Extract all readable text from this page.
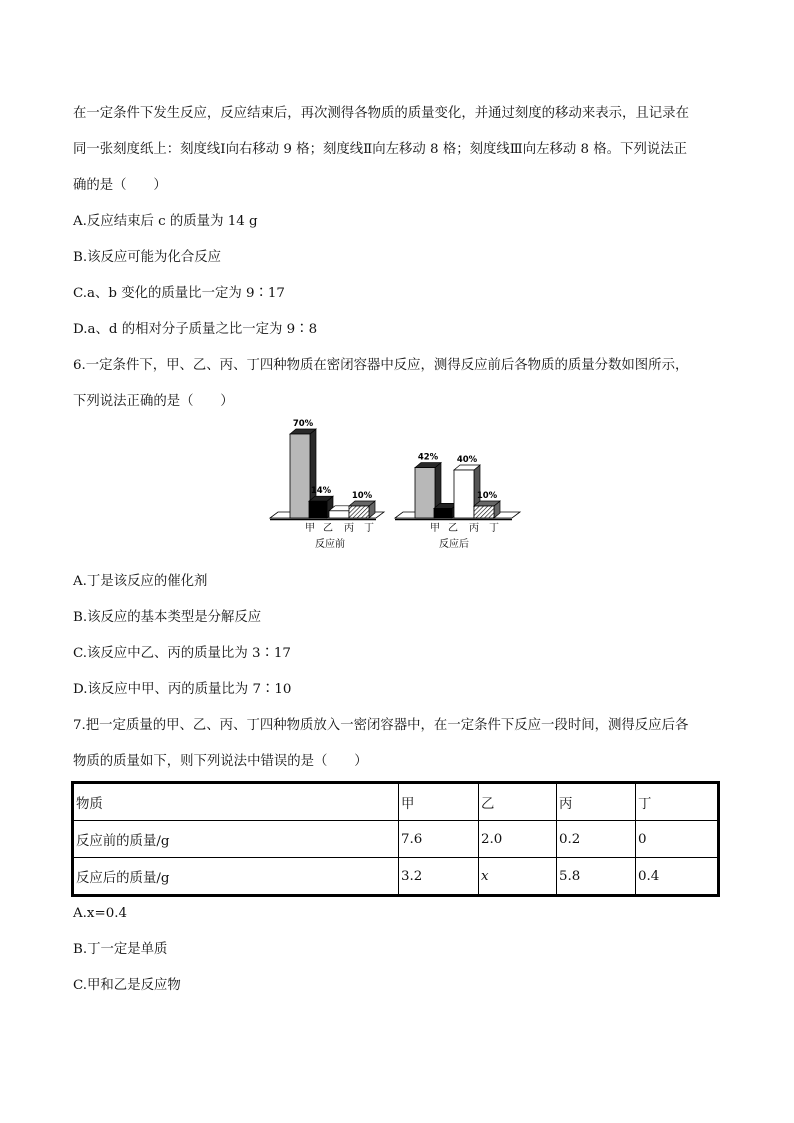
在一定条件下发生反应，反应结束后，再次测得各物质的质量变化，并通过刻度的移动来表示，且记录在
同一张刻度纸上：刻度线Ⅰ向右移动 9 格；刻度线Ⅱ向左移动 8 格；刻度线Ⅲ向左移动 8 格。下列说法正
确的是（　　）
A.反应结束后 c 的质量为 14 g
B.该反应可能为化合反应
C.a、b 变化的质量比一定为 9∶17
D.a、d 的相对分子质量之比一定为 9∶8
6.一定条件下，甲、乙、丙、丁四种物质在密闭容器中反应，测得反应前后各物质的质量分数如图所示，
下列说法正确的是（　　）
70%
14% 10%
甲 乙 丙 丁
反应前
42% 40%
10%
甲 乙 丙 丁
反应后
A.丁是该反应的催化剂
B.该反应的基本类型是分解反应
C.该反应中乙、丙的质量比为 3∶17
D.该反应中甲、丙的质量比为 7∶10
7.把一定质量的甲、乙、丙、丁四种物质放入一密闭容器中，在一定条件下反应一段时间，测得反应后各
物质的质量如下，则下列说法中错误的是（　　）
物质	甲	乙	丙	丁
反应前的质量/g	7.6	2.0	0.2	0
反应后的质量/g	3.2	x	5.8	0.4
A.x=0.4
B.丁一定是单质
C.甲和乙是反应物
